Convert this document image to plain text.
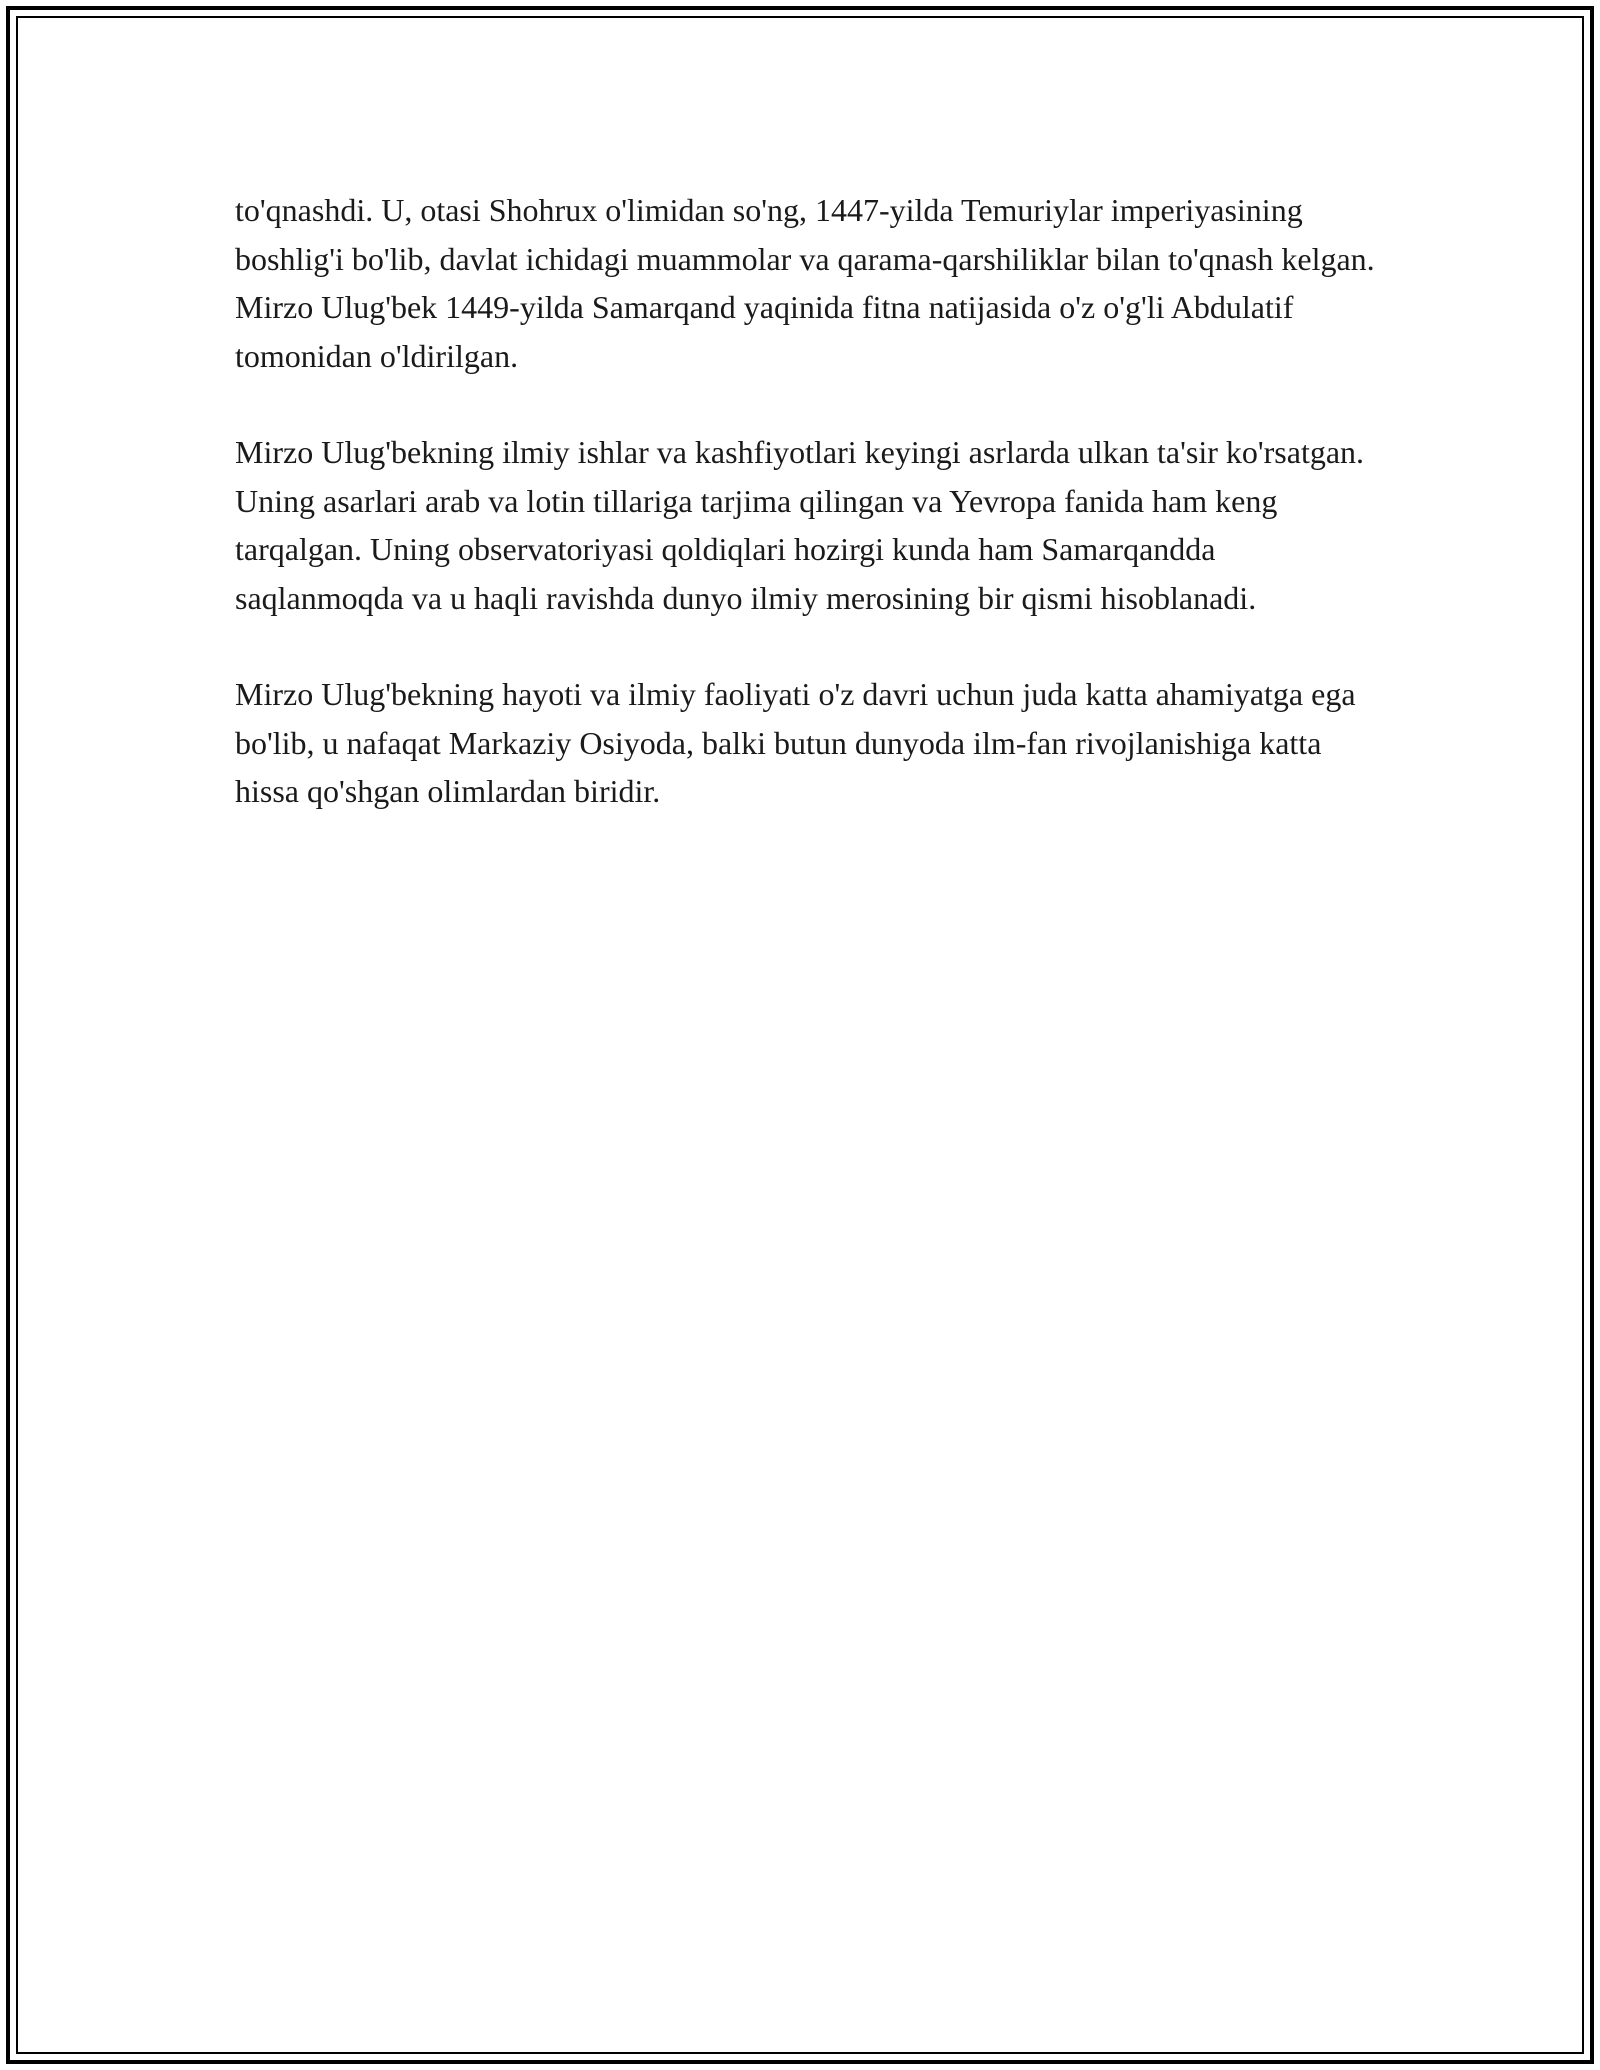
to'qnashdi. U, otasi Shohrux o'limidan so'ng, 1447-yilda Temuriylar imperiyasining boshlig'i bo'lib, davlat ichidagi muammolar va qarama-qarshiliklar bilan to'qnash kelgan. Mirzo Ulug'bek 1449-yilda Samarqand yaqinida fitna natijasida o'z o'g'li Abdulatif tomonidan o'ldirilgan.

Mirzo Ulug'bekning ilmiy ishlar va kashfiyotlari keyingi asrlarda ulkan ta'sir ko'rsatgan. Uning asarlari arab va lotin tillariga tarjima qilingan va Yevropa fanida ham keng tarqalgan. Uning observatoriyasi qoldiqlari hozirgi kunda ham Samarqandda saqlanmoqda va u haqli ravishda dunyo ilmiy merosining bir qismi hisoblanadi.

Mirzo Ulug'bekning hayoti va ilmiy faoliyati o'z davri uchun juda katta ahamiyatga ega bo'lib, u nafaqat Markaziy Osiyoda, balki butun dunyoda ilm-fan rivojlanishiga katta hissa qo'shgan olimlardan biridir.
